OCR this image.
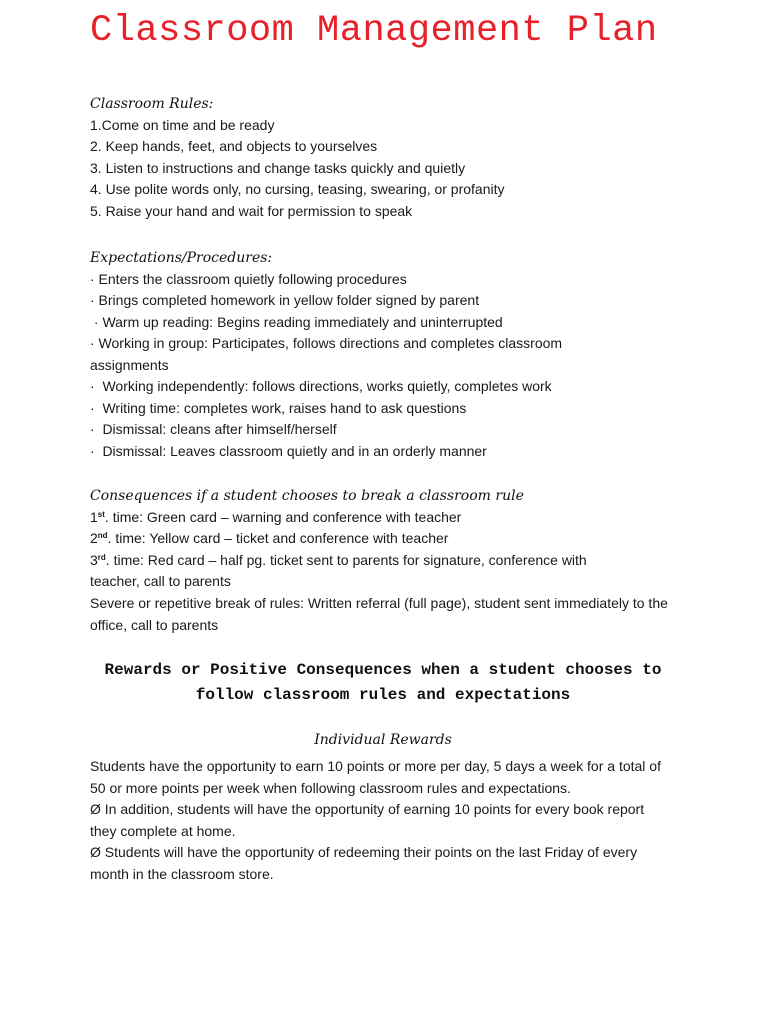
Classroom Management Plan
Classroom Rules:
1.Come on time and be ready
2. Keep hands, feet, and objects to yourselves
3. Listen to instructions and change tasks quickly and quietly
4. Use polite words only, no cursing, teasing, swearing, or profanity
5. Raise your hand and wait for permission to speak
Expectations/Procedures:
· Enters the classroom quietly following procedures
· Brings completed homework in yellow folder signed by parent
· Warm up reading: Begins reading immediately and uninterrupted
· Working in group: Participates, follows directions and completes classroom assignments
·  Working independently: follows directions, works quietly, completes work
·  Writing time: completes work, raises hand to ask questions
·  Dismissal: cleans after himself/herself
·  Dismissal: Leaves classroom quietly and in an orderly manner
Consequences if a student chooses to break a classroom rule
1st. time: Green card – warning and conference with teacher
2nd. time: Yellow card – ticket and conference with teacher
3rd. time: Red card – half pg. ticket sent to parents for signature, conference with teacher, call to parents
Severe or repetitive break of rules: Written referral (full page), student sent immediately to the office, call to parents
Rewards or Positive Consequences when a student chooses to follow classroom rules and expectations
Individual Rewards
Students have the opportunity to earn 10 points or more per day, 5 days a week for a total of 50 or more points per week when following classroom rules and expectations.
Ø In addition, students will have the opportunity of earning 10 points for every book report they complete at home.
Ø Students will have the opportunity of redeeming their points on the last Friday of every month in the classroom store.
